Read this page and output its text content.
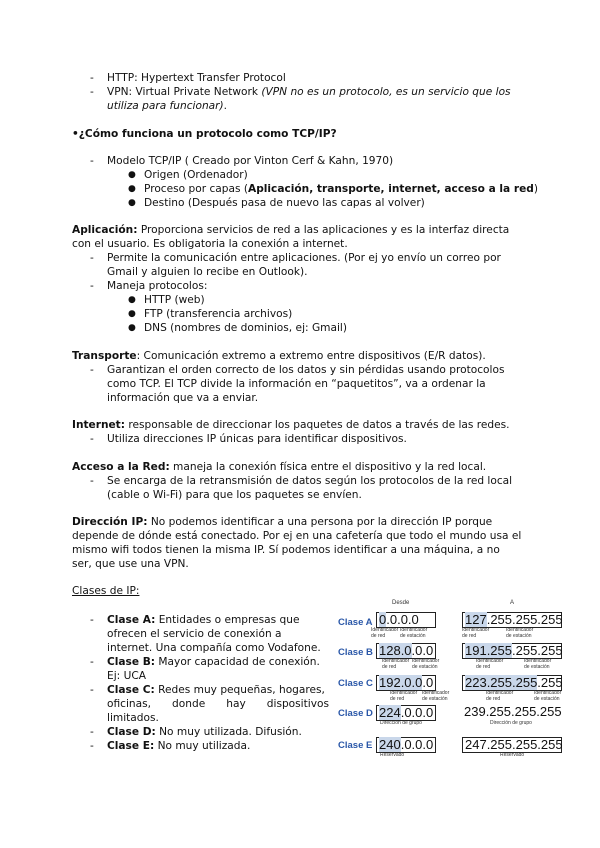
- HTTP: Hypertext Transfer Protocol
- VPN: Virtual Private Network (VPN no es un protocolo, es un servicio que los
utiliza para funcionar).
•¿Cómo funciona un protocolo como TCP/IP?
- Modelo TCP/IP ( Creado por Vinton Cerf & Kahn, 1970)
● Origen (Ordenador)
● Proceso por capas (Aplicación, transporte, internet, acceso a la red)
● Destino (Después pasa de nuevo las capas al volver)
Aplicación: Proporciona servicios de red a las aplicaciones y es la interfaz directa
con el usuario. Es obligatoria la conexión a internet.
- Permite la comunicación entre aplicaciones. (Por ej yo envío un correo por
Gmail y alguien lo recibe en Outlook).
- Maneja protocolos:
● HTTP (web)
● FTP (transferencia archivos)
● DNS (nombres de dominios, ej: Gmail)
Transporte: Comunicación extremo a extremo entre dispositivos (E/R datos).
- Garantizan el orden correcto de los datos y sin pérdidas usando protocolos
como TCP. El TCP divide la información en “paquetitos”, va a ordenar la
información que va a enviar.
Internet: responsable de direccionar los paquetes de datos a través de las redes.
- Utiliza direcciones IP únicas para identificar dispositivos.
Acceso a la Red: maneja la conexión física entre el dispositivo y la red local.
- Se encarga de la retransmisión de datos según los protocolos de la red local
(cable o Wi-Fi) para que los paquetes se envíen.
Dirección IP: No podemos identificar a una persona por la dirección IP porque
depende de dónde está conectado. Por ej en una cafetería que todo el mundo usa el
mismo wifi todos tienen la misma IP. Sí podemos identificar a una máquina, a no
ser, que use una VPN.
Clases de IP:
- Clase A: Entidades o empresas que
ofrecen el servicio de conexión a
internet. Una compañía como Vodafone.
- Clase B: Mayor capacidad de conexión.
Ej: UCA
- Clase C: Redes muy pequeñas, hogares,
oficinas, donde hay dispositivos
limitados.
- Clase D: No muy utilizada. Difusión.
- Clase E: No muy utilizada.
Desde	A
Clase A 0.0.0.0	127.255.255.255
Identificador de red
Identificador de estación
Identificador de red
Identificador de estación
Clase B 128.0.0.0 191.255.255.255
Identificador de red
Identificador de estación
Identificador de red
Identificador de estación
Clase C 192.0.0.0 223.255.255.255
Identificador de red
Identificador de estación
Identificador de red
Identificador de estación
Clase D 224.0.0.0 239.255.255.255
Dirección de grupo	Dirección de grupo
Clase E 240.0.0.0 247.255.255.255
Reservado	Reservado
